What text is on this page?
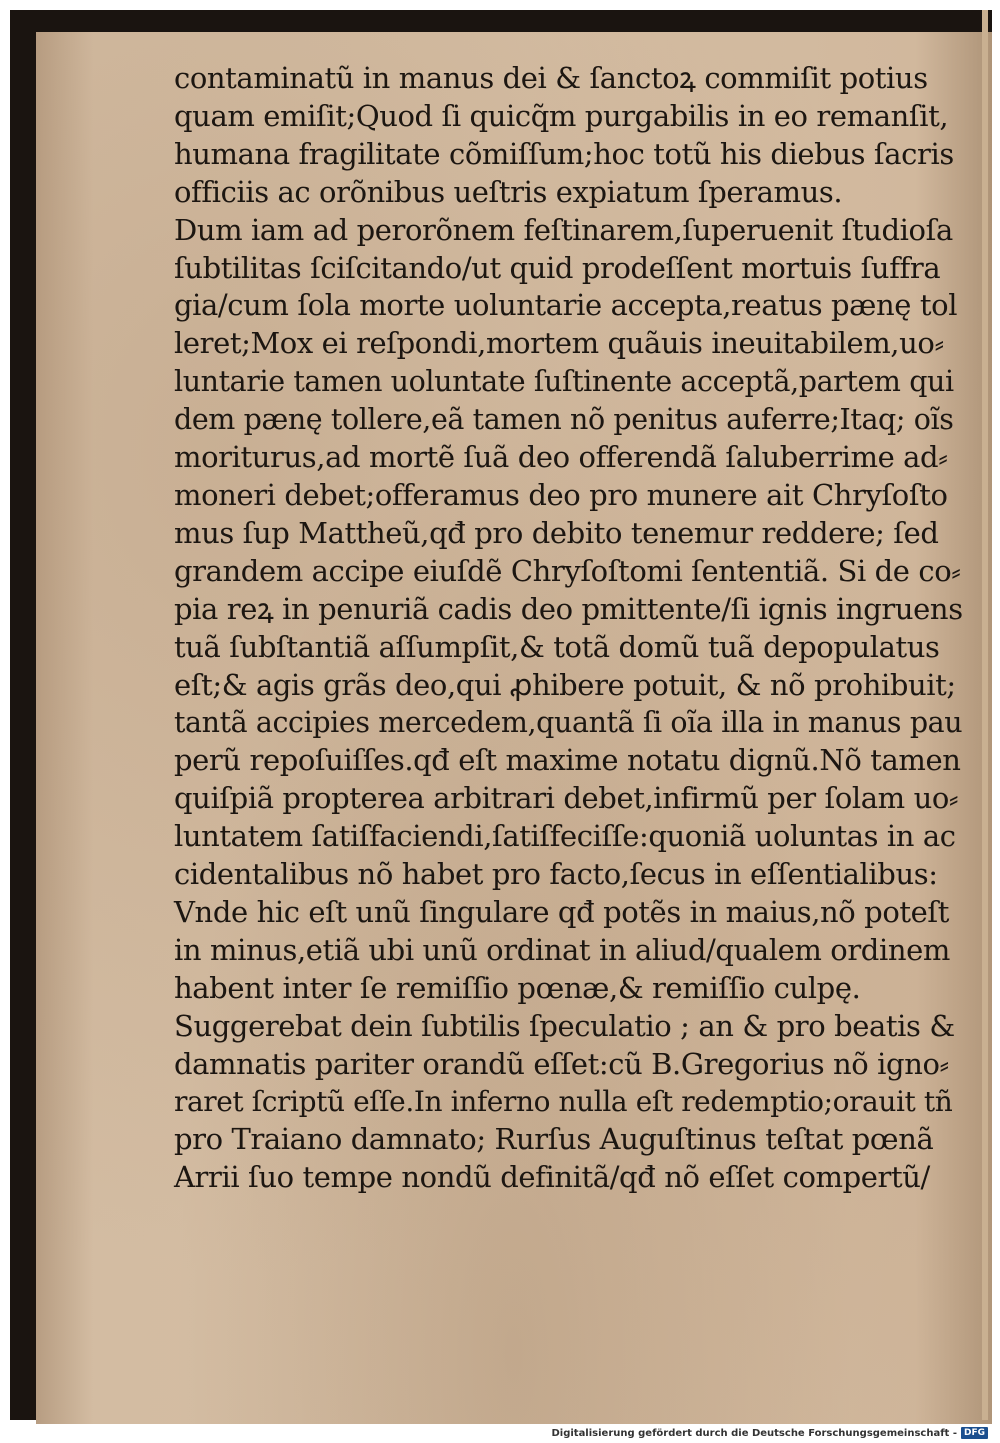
contaminatũ in manus dei & ſanctoꝝ commiſit potius
quam emiſit;Quod ſi quicq̃m purgabilis in eo remanſit,
humana fragilitate cõmiſſum;hoc totũ his diebus ſacris
officiis ac orõnibus ueſtris expiatum ſperamus.
Dum iam ad perorõnem feſtinarem,ſuperuenit ſtudioſa
ſubtilitas ſciſcitando/ut quid prodeſſent mortuis ſuffra
gia/cum ſola morte uoluntarie accepta,reatus pænę tol
leret;Mox ei reſpondi,mortem quãuis ineuitabilem,uo⸗
luntarie tamen uoluntate ſuſtinente acceptã,partem qui
dem pænę tollere,eã tamen nõ penitus auferre;Itaq; oĩs
moriturus,ad mortẽ ſuã deo offerendã ſaluberrime ad⸗
moneri debet;offeramus deo pro munere ait Chryſoſto
mus ſup Mattheũ,qđ pro debito tenemur reddere; ſed
grandem accipe eiuſdẽ Chryſoſtomi ſententiã. Si de co⸗
pia reꝝ in penuriã cadis deo pmittente/ſi ignis ingruens
tuã ſubſtantiã aſſumpſit,& totã domũ tuã depopulatus
eſt;& agis grãs deo,qui ꝓhibere potuit, & nõ prohibuit;
tantã accipies mercedem,quantã ſi oĩa illa in manus pau
perũ repoſuiſſes.qđ eſt maxime notatu dignũ.Nõ tamen
quiſpiã propterea arbitrari debet,infirmũ per ſolam uo⸗
luntatem ſatiſfaciendi,ſatiſfeciſſe:quoniã uoluntas in ac
cidentalibus nõ habet pro facto,ſecus in eſſentialibus:
Vnde hic eſt unũ ſingulare qđ potẽs in maius,nõ poteſt
in minus,etiã ubi unũ ordinat in aliud/qualem ordinem
habent inter ſe remiſſio pœnæ,& remiſſio culpę.
Suggerebat dein ſubtilis ſpeculatio ; an & pro beatis &
damnatis pariter orandũ eſſet:cũ B.Gregorius nõ igno⸗
raret ſcriptũ eſſe.In inferno nulla eſt redemptio;orauit tñ
pro Traiano damnato; Rurſus Auguſtinus teſtat pœnã
Arrii ſuo tempe nondũ definitã/qđ nõ eſſet compertũ/
Digitalisierung gefördert durch die Deutsche Forschungsgemeinschaft - DFG
